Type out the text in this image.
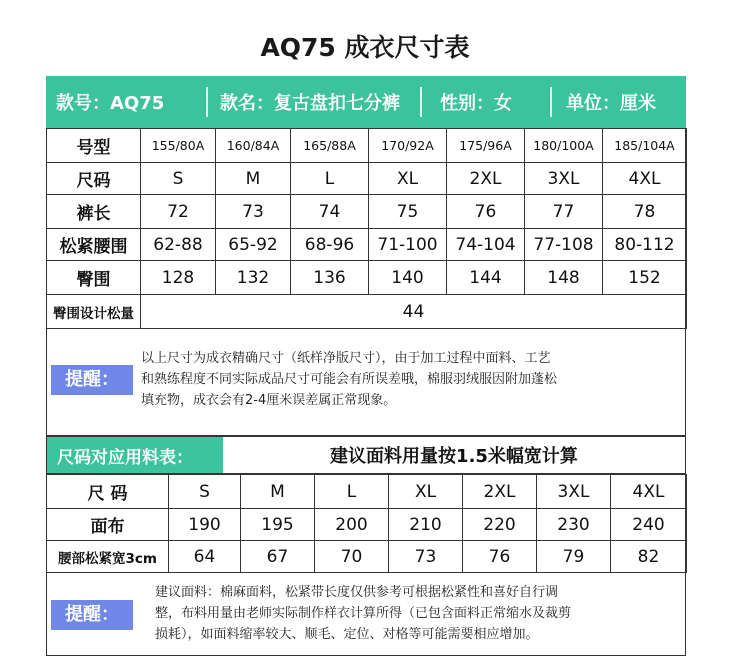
AQ75 成衣尺寸表
款号：AQ75	款名：复古盘扣七分裤	性别：女	单位：厘米
号型	155/80A	160/84A	165/88A	170/92A	175/96A	180/100A	185/104A
尺码	S	M	L	XL	2XL	3XL	4XL
裤长	72	73	74	75	76	77	78
松紧腰围	62-88	65-92	68-96	71-100	74-104	77-108	80-112
臀围	128	132	136	140	144	148	152
臀围设计松量	44						
提醒：
以上尺寸为成衣精确尺寸（纸样净版尺寸），由于加工过程中面料、工艺
和熟练程度不同实际成品尺寸可能会有所误差哦，棉服羽绒服因附加蓬松
填充物，成衣会有2-4厘米误差属正常现象。
尺码对应用料表：	建议面料用量按1.5米幅宽计算
尺 码	S	M	L	XL	2XL	3XL	4XL
面布	190	195	200	210	220	230	240
腰部松紧宽3cm	64	67	70	73	76	79	82
提醒：
建议面料：棉麻面料，松紧带长度仅供参考可根据松紧性和喜好自行调
整，布料用量由老师实际制作样衣计算所得（已包含面料正常缩水及裁剪
损耗），如面料缩率较大、顺毛、定位、对格等可能需要相应增加。
